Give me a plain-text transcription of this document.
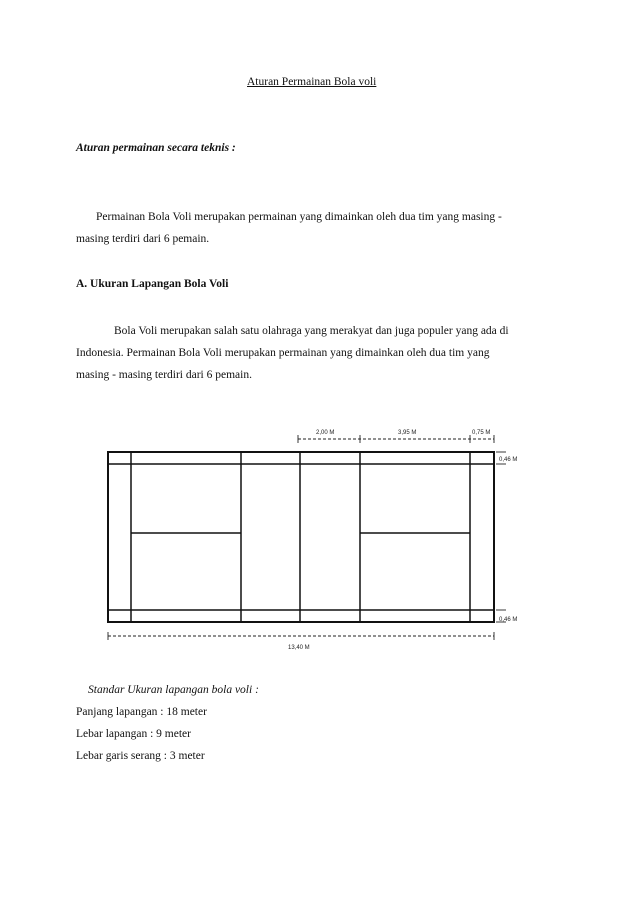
Aturan Permainan Bola voli
Aturan permainan secara teknis :
Permainan Bola Voli merupakan permainan yang dimainkan oleh dua tim yang masing -
masing terdiri dari 6 pemain.
A. Ukuran Lapangan Bola Voli
Bola Voli merupakan salah satu olahraga yang merakyat dan juga populer yang ada di
Indonesia. Permainan Bola Voli merupakan permainan yang dimainkan oleh dua tim yang
masing - masing terdiri dari 6 pemain.
2,00 M	3,95 M	0,75 M
0,46 M
0,46 M
13,40 M
Standar Ukuran lapangan bola voli :
Panjang lapangan : 18 meter
Lebar lapangan : 9 meter
Lebar garis serang : 3 meter
